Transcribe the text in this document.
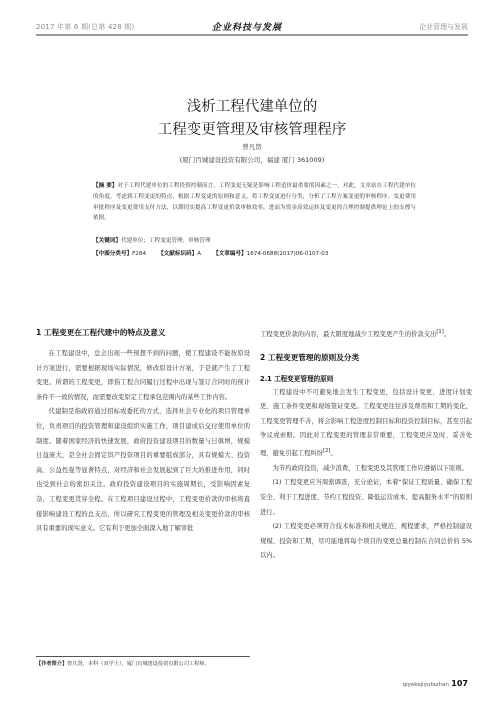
2017 年第 6 期(总第 428 期)	企业科技与发展	企业管理与发展
浅析工程代建单位的
工程变更管理及审核管理程序
曾凡贤
(厦门百城建设投资有限公司，福建 厦门 361009)
【摘 要】对于工程代建单位的工程投资控制而言，工程变更无疑是影响工程造价最重要的因素之一。对此，文章站在工程代建单位的角度，考虑到工程变更的特点，根据工程变更的原则和意义，将工程变更进行分类，分析了工程方案变更的审核程序、变更费用审批程序及变更费用支付方法，以期切实提高工程变更价款审核效率，进而为资金高效运转及变更的合理控制提供理论上的支撑与依据。
【关键词】代建单位；工程变更管理；审核管理
【中图分类号】F284 【文献标识码】A 【文章编号】1674-0688(2017)06-0107-03
1 工程变更在工程代建中的特点及意义
在工程建设中，总会出现一些预想不到的问题，使工程建设不能按原设计方案进行，需要根据现场实际情况，修改原设计方案，于是就产生了工程变更。所谓的工程变更，即指工程合同履行过程中出现与签订合同时的预计条件不一致的情况，而需要改变原定工程承包范围内的某些工作内容。
代建制是指政府通过招标或委托的方式，选择社会专业化的项目管理单位，负责项目的投资管理和建设组织实施工作，项目建成后交付使用单位的制度。随着国家经济的快速发展，政府投资建设项目的数量与日俱增，规模日益庞大，是全社会固定资产投资项目的重要组成部分，具有规模大、投资高、公益性强等显著特点，对经济和社会发展起到了巨大的推进作用，同时也受到社会的密切关注。政府投资建设项目的实施周期长，受影响因素复杂，工程变更贯穿全程。在工程项目建设过程中，工程变更价款的审核将直接影响建设工程的总支出，所以研究工程变更的管理及相关变更价款的审核具有重要的现实意义。它有利于更加全面深入地了解审批
工程变更价款的内容，最大限度地减少工程变更产生的价款支出[1]。
2 工程变更管理的原则及分类
2.1 工程变更管理的原则
工程建设中不可避免地会发生工程变更，包括设计变更、进度计划变更、施工条件变更和现场签证变更。工程变更往往涉及费用和工期的变化，工程变更管理不善，将会影响工程进度控制目标和投资控制目标，甚至引起争议或索赔。因此对工程变更的管理非常重要，工程变更应及时、妥善处理，避免引起工程纠纷[2]。
为节约政府投资，减少浪费，工程变更及其管理工作应遵循以下原则。
(1) 工程变更应当周密调查，充分论证，本着“保证工程质量、确保工程安全、利于工程进度、节约工程投资、降低运营成本、提高服务水平”的原则进行。
(2) 工程变更必须符合技术标准和相关规范、规程要求，严格控制建设规模、投资和工期，尽可能地将每个项目的变更总量控制在合同总价的 5%以内。
【作者简介】曾凡贤，本科（双学士），厦门百城建设投资有限公司工程师。
qiyekejiyufazhan 107
